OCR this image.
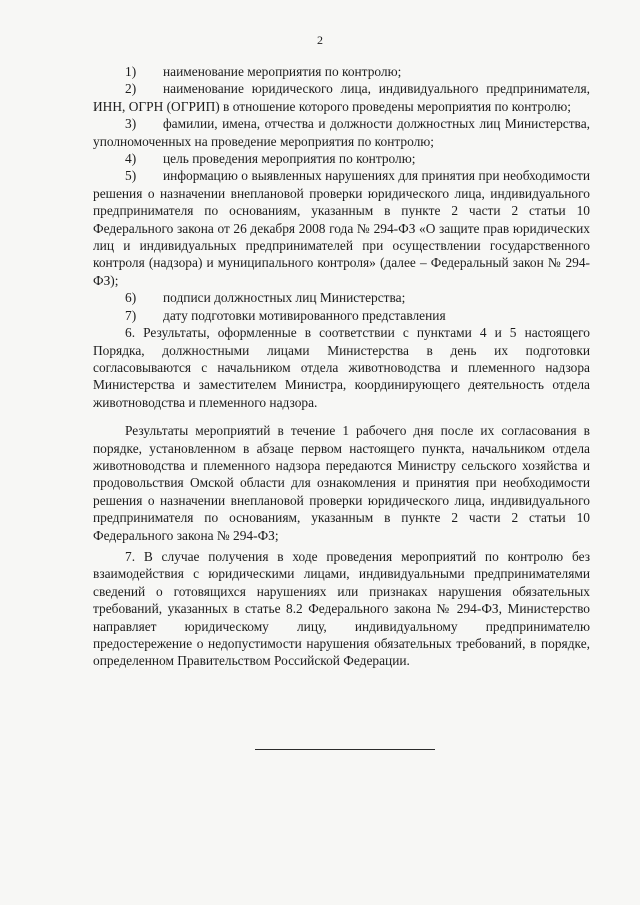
2

1) наименование мероприятия по контролю;

2) наименование юридического лица, индивидуального предпринимателя, ИНН, ОГРН (ОГРИП) в отношение которого проведены мероприятия по контролю;

3) фамилии, имена, отчества и должности должностных лиц Министерства, уполномоченных на проведение мероприятия по контролю;

4) цель проведения мероприятия по контролю;

5) информацию о выявленных нарушениях для принятия при необходимости решения о назначении внеплановой проверки юридического лица, индивидуального предпринимателя по основаниям, указанным в пункте 2 части 2 статьи 10 Федерального закона от 26 декабря 2008 года № 294-ФЗ «О защите прав юридических лиц и индивидуальных предпринимателей при осуществлении государственного контроля (надзора) и муниципального контроля» (далее – Федеральный закон № 294-ФЗ);

6) подписи должностных лиц Министерства;

7) дату подготовки мотивированного представления

6. Результаты, оформленные в соответствии с пунктами 4 и 5 настоящего Порядка, должностными лицами Министерства в день их подготовки согласовываются с начальником отдела животноводства и племенного надзора Министерства и заместителем Министра, координирующего деятельность отдела животноводства и племенного надзора.

Результаты мероприятий в течение 1 рабочего дня после их согласования в порядке, установленном в абзаце первом настоящего пункта, начальником отдела животноводства и племенного надзора передаются Министру сельского хозяйства и продовольствия Омской области для ознакомления и принятия при необходимости решения о назначении внеплановой проверки юридического лица, индивидуального предпринимателя по основаниям, указанным в пункте 2 части 2 статьи 10 Федерального закона № 294-ФЗ;

7. В случае получения в ходе проведения мероприятий по контролю без взаимодействия с юридическими лицами, индивидуальными предпринимателями сведений о готовящихся нарушениях или признаках нарушения обязательных требований, указанных в статье 8.2 Федерального закона № 294-ФЗ, Министерство направляет юридическому лицу, индивидуальному предпринимателю предостережение о недопустимости нарушения обязательных требований, в порядке, определенном Правительством Российской Федерации.
